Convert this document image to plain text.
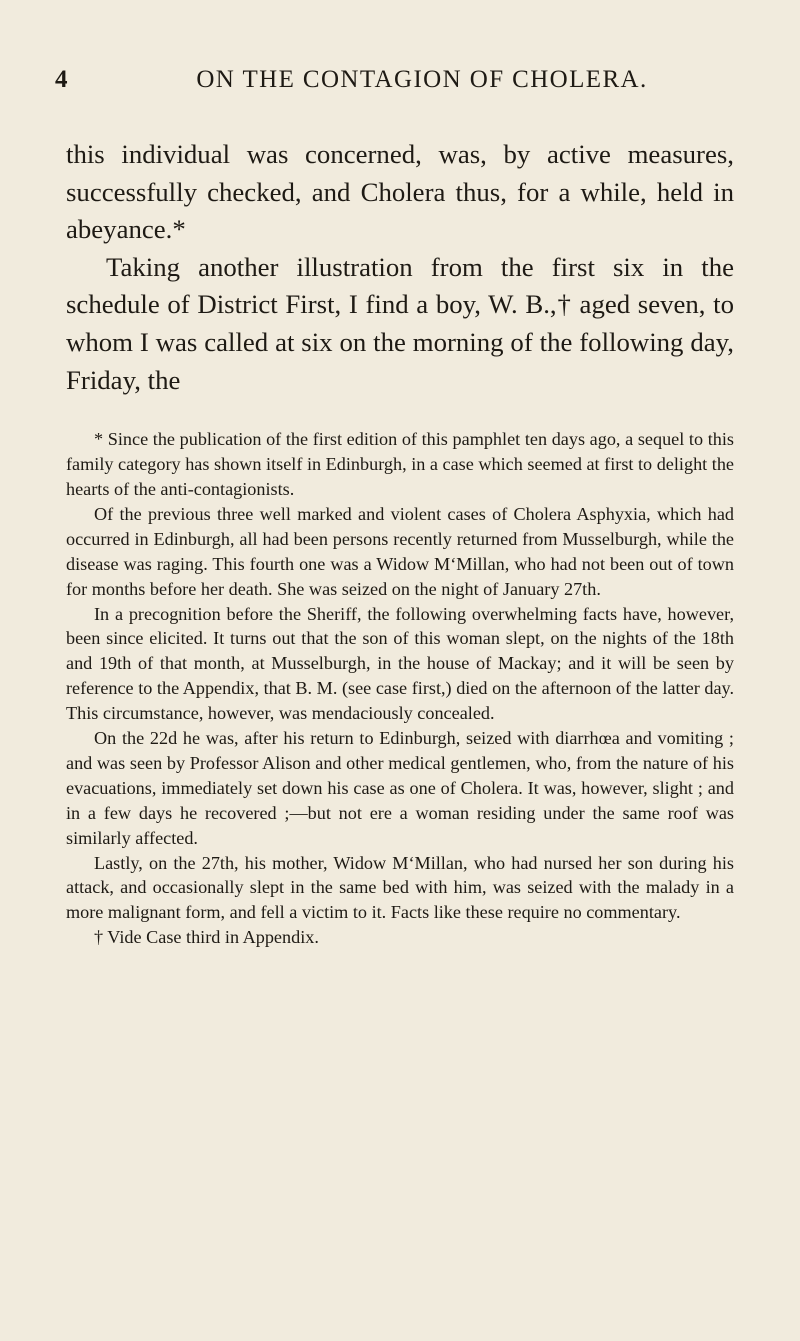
4	ON THE CONTAGION OF CHOLERA.

this individual was concerned, was, by active measures, successfully checked, and Cholera thus, for a while, held in abeyance.*

Taking another illustration from the first six in the schedule of District First, I find a boy, W. B.,† aged seven, to whom I was called at six on the morning of the following day, Friday, the

* Since the publication of the first edition of this pamphlet ten days ago, a sequel to this family category has shown itself in Edinburgh, in a case which seemed at first to delight the hearts of the anti-contagionists.

Of the previous three well marked and violent cases of Cholera Asphyxia, which had occurred in Edinburgh, all had been persons recently returned from Musselburgh, while the disease was raging. This fourth one was a Widow M‘Millan, who had not been out of town for months before her death. She was seized on the night of January 27th.

In a precognition before the Sheriff, the following overwhelming facts have, however, been since elicited. It turns out that the son of this woman slept, on the nights of the 18th and 19th of that month, at Musselburgh, in the house of Mackay; and it will be seen by reference to the Appendix, that B. M. (see case first,) died on the afternoon of the latter day. This circumstance, however, was mendaciously concealed.

On the 22d he was, after his return to Edinburgh, seized with diarrhœa and vomiting ; and was seen by Professor Alison and other medical gentlemen, who, from the nature of his evacuations, immediately set down his case as one of Cholera. It was, however, slight ; and in a few days he recovered ;—but not ere a woman residing under the same roof was similarly affected.

Lastly, on the 27th, his mother, Widow M‘Millan, who had nursed her son during his attack, and occasionally slept in the same bed with him, was seized with the malady in a more malignant form, and fell a victim to it. Facts like these require no commentary.

† Vide Case third in Appendix.
